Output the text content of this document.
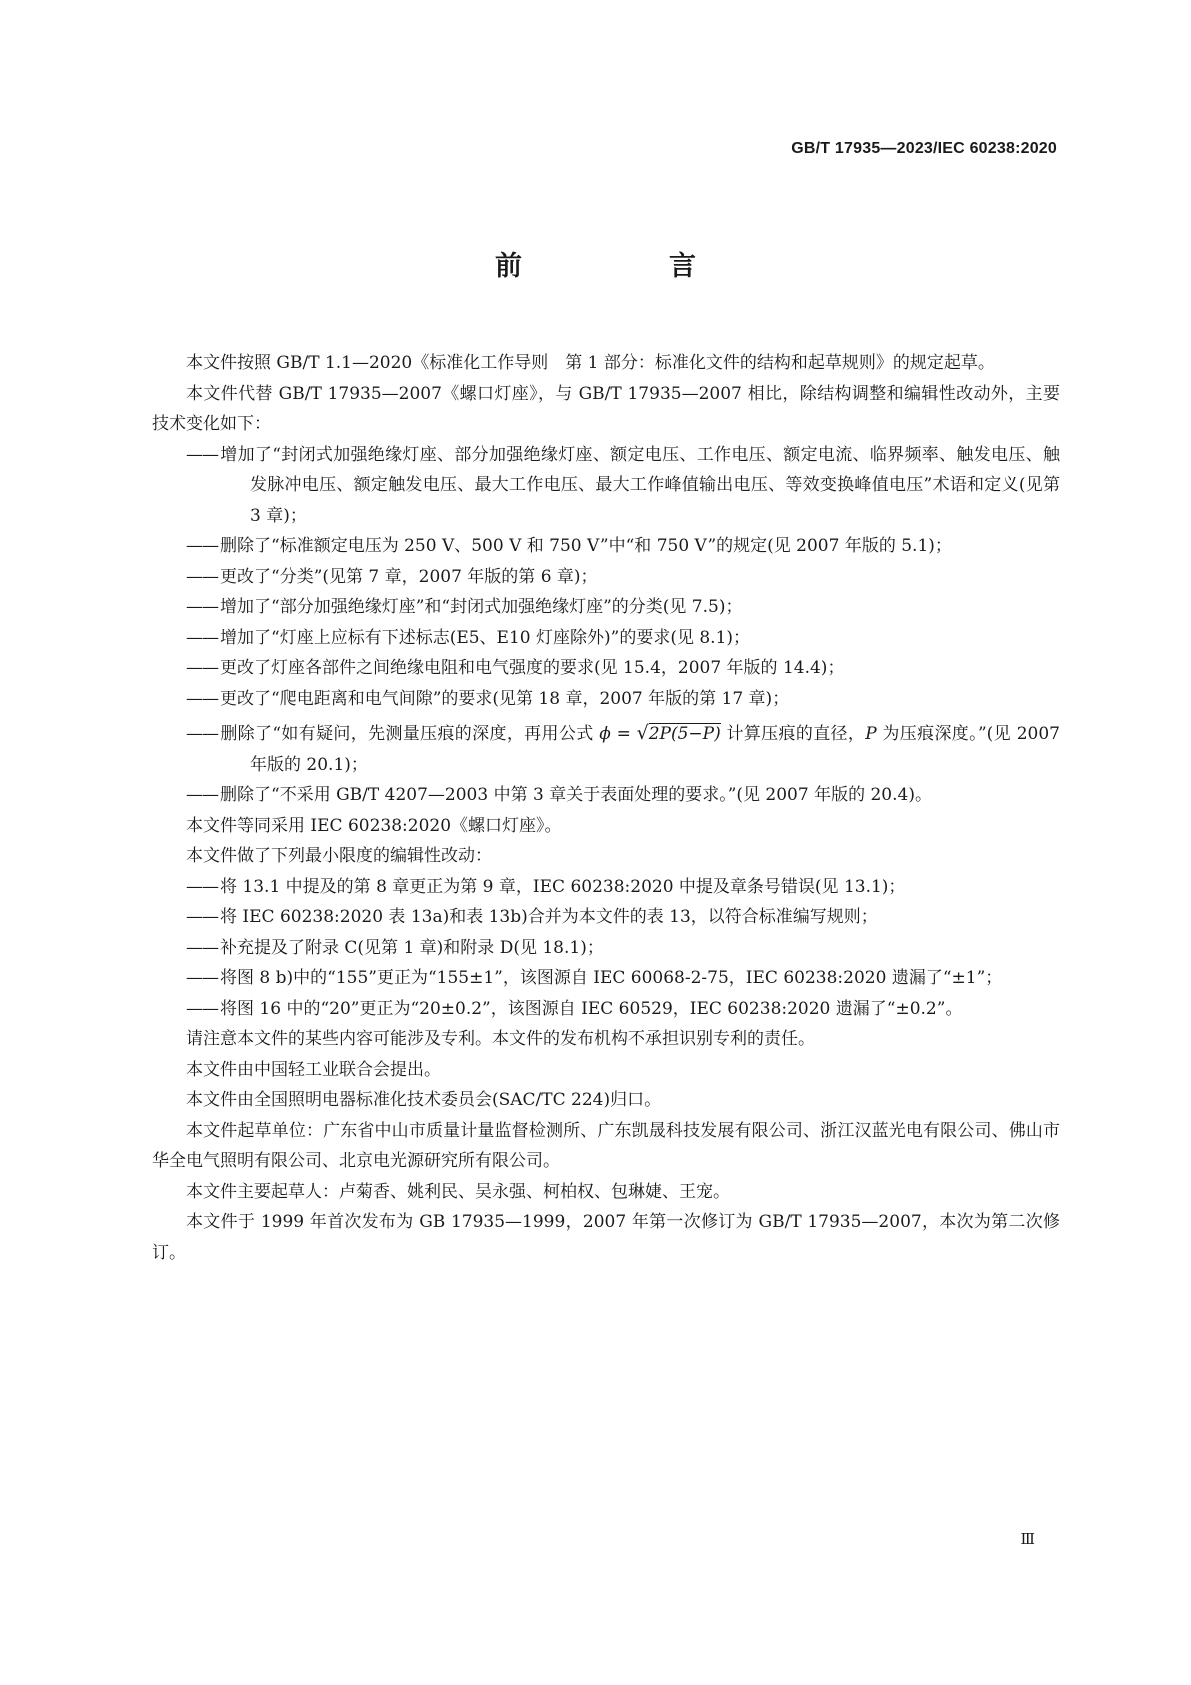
GB/T 17935—2023/IEC 60238:2020
前　言

本文件按照 GB/T 1.1—2020《标准化工作导则　第 1 部分：标准化文件的结构和起草规则》的规定起草。

本文件代替 GB/T 17935—2007《螺口灯座》，与 GB/T 17935—2007 相比，除结构调整和编辑性改动外，主要技术变化如下：

—— 增加了“封闭式加强绝缘灯座、部分加强绝缘灯座、额定电压、工作电压、额定电流、临界频率、触发电压、触发脉冲电压、额定触发电压、最大工作电压、最大工作峰值输出电压、等效变换峰值电压”术语和定义(见第 3 章)；

—— 删除了“标准额定电压为 250 V、500 V 和 750 V”中“和 750 V”的规定(见 2007 年版的 5.1)；

—— 更改了“分类”(见第 7 章，2007 年版的第 6 章)；

—— 增加了“部分加强绝缘灯座”和“封闭式加强绝缘灯座”的分类(见 7.5)；

—— 增加了“灯座上应标有下述标志(E5、E10 灯座除外)”的要求(见 8.1)；

—— 更改了灯座各部件之间绝缘电阻和电气强度的要求(见 15.4，2007 年版的 14.4)；

—— 更改了“爬电距离和电气间隙”的要求(见第 18 章，2007 年版的第 17 章)；

—— 删除了“如有疑问，先测量压痕的深度，再用公式 ϕ = √2P(5−P) 计算压痕的直径，P 为压痕深度。”(见 2007 年版的 20.1)；

—— 删除了“不采用 GB/T 4207—2003 中第 3 章关于表面处理的要求。”(见 2007 年版的 20.4)。

本文件等同采用 IEC 60238:2020《螺口灯座》。

本文件做了下列最小限度的编辑性改动：

—— 将 13.1 中提及的第 8 章更正为第 9 章，IEC 60238:2020 中提及章条号错误(见 13.1)；

—— 将 IEC 60238:2020 表 13a)和表 13b)合并为本文件的表 13，以符合标准编写规则；

—— 补充提及了附录 C(见第 1 章)和附录 D(见 18.1)；

—— 将图 8 b)中的“155”更正为“155±1”，该图源自 IEC 60068-2-75，IEC 60238:2020 遗漏了“±1”；

—— 将图 16 中的“20”更正为“20±0.2”，该图源自 IEC 60529，IEC 60238:2020 遗漏了“±0.2”。

请注意本文件的某些内容可能涉及专利。本文件的发布机构不承担识别专利的责任。

本文件由中国轻工业联合会提出。

本文件由全国照明电器标准化技术委员会(SAC/TC 224)归口。

本文件起草单位：广东省中山市质量计量监督检测所、广东凯晟科技发展有限公司、浙江汉蓝光电有限公司、佛山市华全电气照明有限公司、北京电光源研究所有限公司。

本文件主要起草人：卢菊香、姚利民、吴永强、柯柏权、包琳婕、王宠。

本文件于 1999 年首次发布为 GB 17935—1999，2007 年第一次修订为 GB/T 17935—2007，本次为第二次修订。

Ⅲ
